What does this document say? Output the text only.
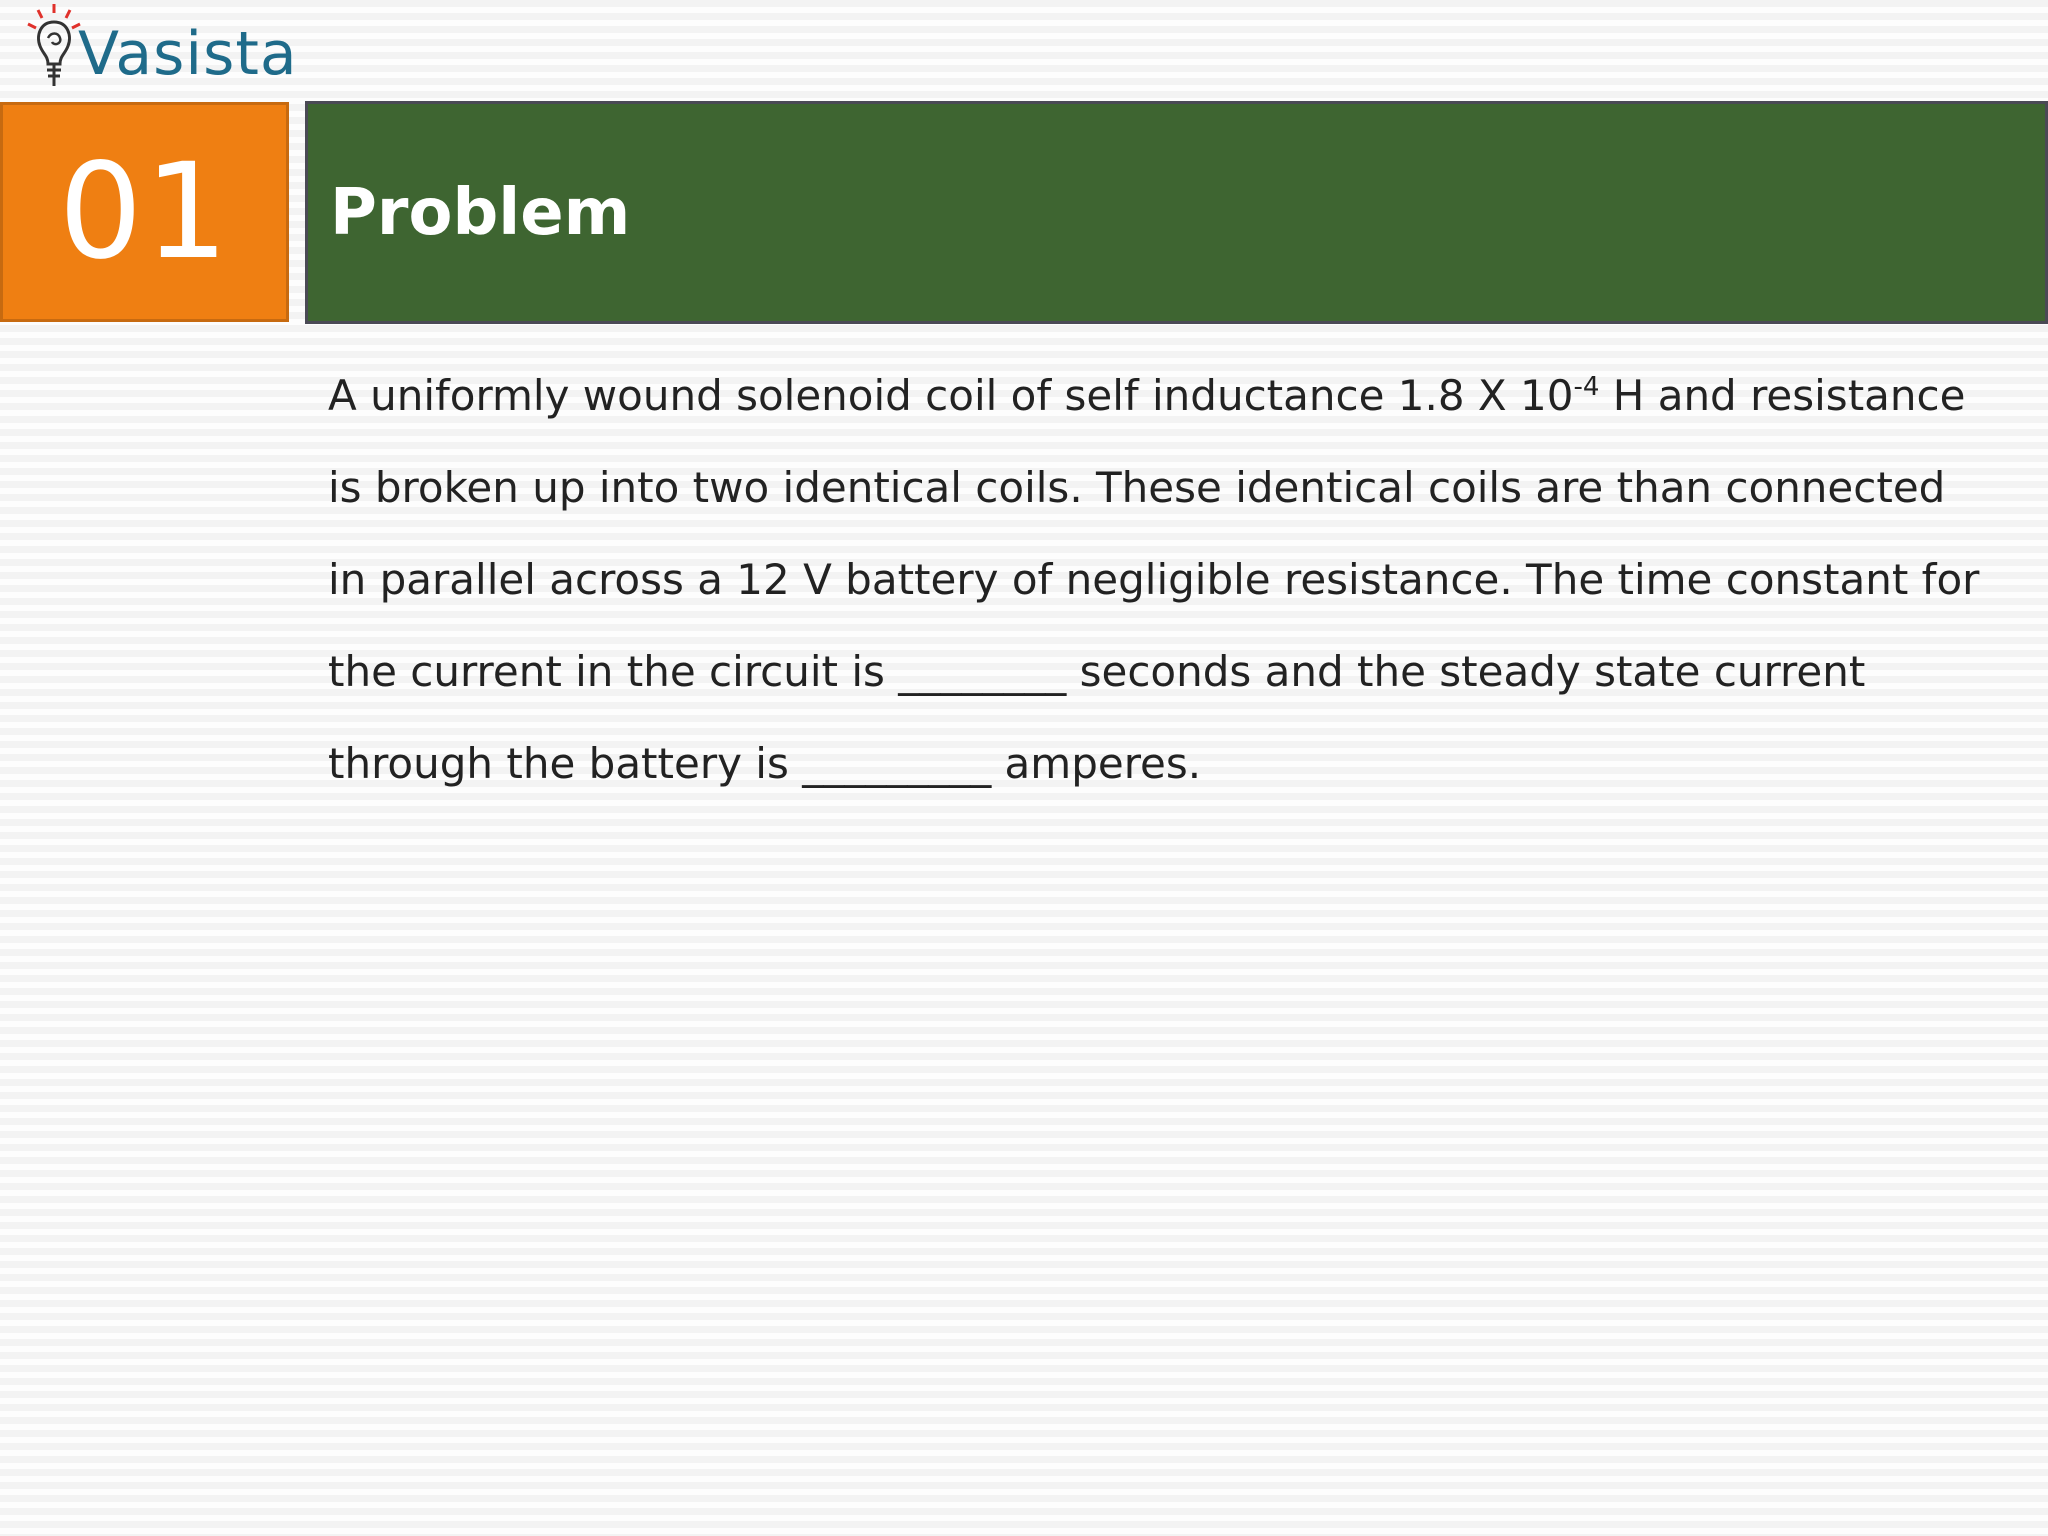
Vasista
01 Problem
A uniformly wound solenoid coil of self inductance 1.8 X $10^{-4}$ H and resistance
is broken up into two identical coils. These identical coils are than connected
in parallel across a 12 V battery of negligible resistance. The time constant for
the current in the circuit is ________ seconds and the steady state current
through the battery is _________ amperes.
